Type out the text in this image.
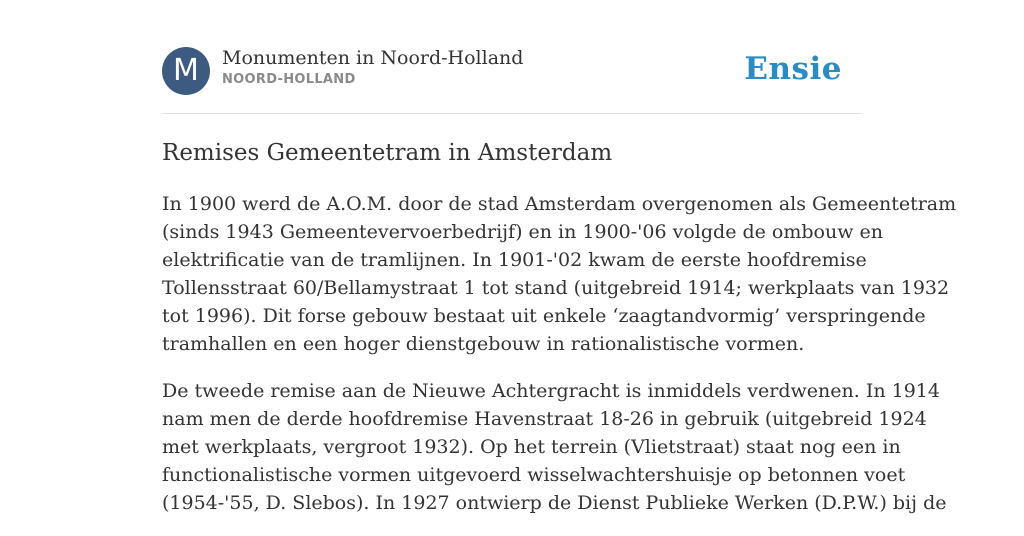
M	Monumenten in Noord-Holland
NOORD-HOLLAND	Ensie
Remises Gemeentetram in Amsterdam

In 1900 werd de A.O.M. door de stad Amsterdam overgenomen als Gemeentetram
(sinds 1943 Gemeentevervoerbedrijf) en in 1900-'06 volgde de ombouw en
elektrificatie van de tramlijnen. In 1901-'02 kwam de eerste hoofdremise
Tollensstraat 60/Bellamystraat 1 tot stand (uitgebreid 1914; werkplaats van 1932
tot 1996). Dit forse gebouw bestaat uit enkele ‘zaagtandvormig’ verspringende
tramhallen en een hoger dienstgebouw in rationalistische vormen.

De tweede remise aan de Nieuwe Achtergracht is inmiddels verdwenen. In 1914
nam men de derde hoofdremise Havenstraat 18-26 in gebruik (uitgebreid 1924
met werkplaats, vergroot 1932). Op het terrein (Vlietstraat) staat nog een in
functionalistische vormen uitgevoerd wisselwachtershuisje op betonnen voet
(1954-'55, D. Slebos). In 1927 ontwierp de Dienst Publieke Werken (D.P.W.) bij de
